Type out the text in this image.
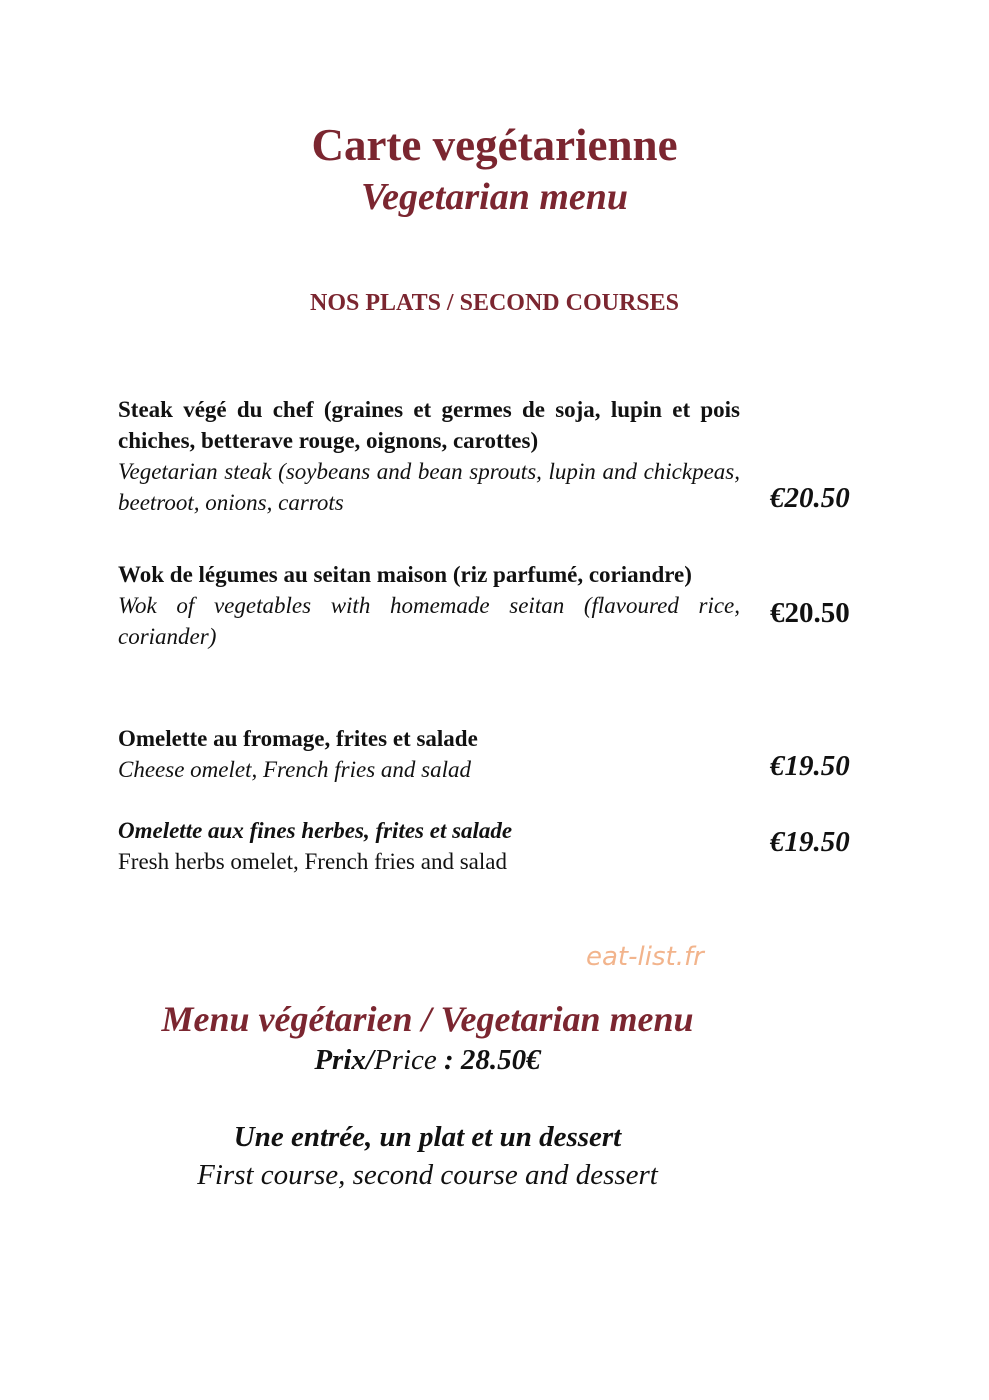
Carte vegétarienne
Vegetarian menu
NOS PLATS / SECOND COURSES
Steak végé du chef (graines et germes de soja, lupin et pois chiches, betterave rouge, oignons, carottes)
Vegetarian steak (soybeans and bean sprouts, lupin and chickpeas, beetroot, onions, carrots	€20.50
Wok de légumes au seitan maison (riz parfumé, coriandre)
Wok of vegetables with homemade seitan (flavoured rice, coriander)
€20.50
Omelette au fromage, frites et salade
Cheese omelet, French fries and salad	€19.50
Omelette aux fines herbes, frites et salade
Fresh herbs omelet, French fries and salad
€19.50
eat-list.fr
Menu végétarien / Vegetarian menu
Prix/Price : 28.50€
Une entrée, un plat et un dessert
First course, second course and dessert
